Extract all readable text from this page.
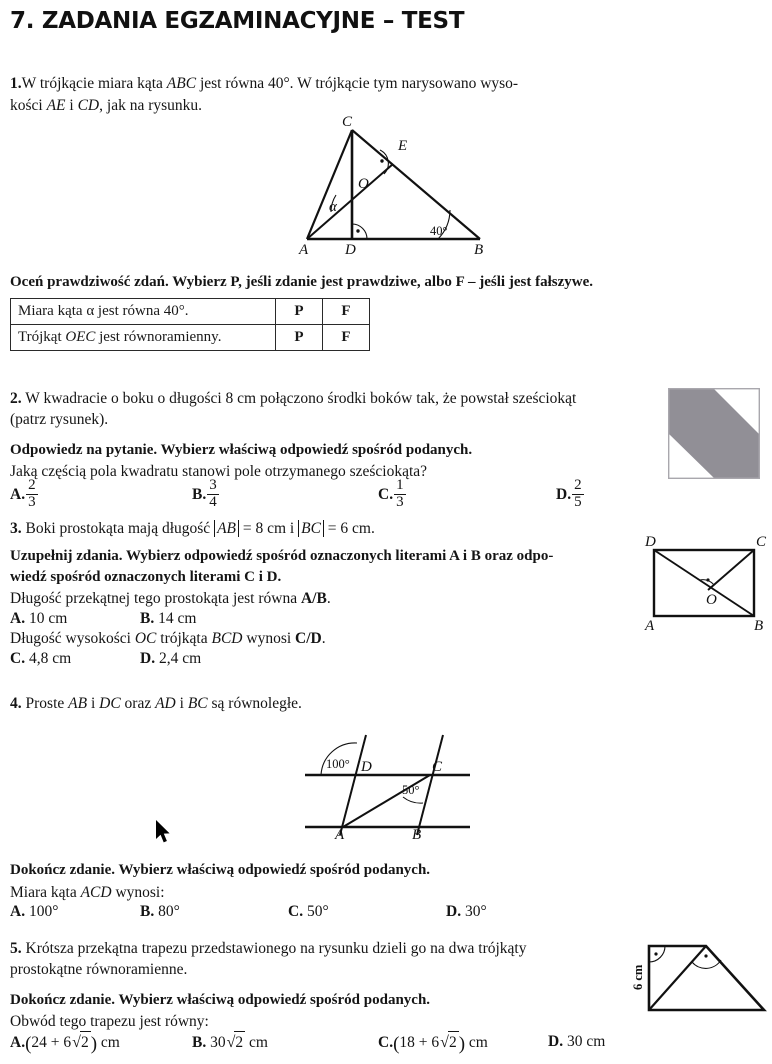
7. ZADANIA EGZAMINACYJNE – TEST
1.W trójkącie miara kąta ABC jest równa 40°. W trójkącie tym narysowano wyso-
kości AE i CD, jak na rysunku.
C
E
O
A D	B
α
40°
Oceń prawdziwość zdań. Wybierz P, jeśli zdanie jest prawdziwe, albo F – jeśli jest fałszywe.
Miara kąta α jest równa 40°.	P	F
Trójkąt OEC jest równoramienny.	P	F
2. W kwadracie o boku o długości 8 cm połączono środki boków tak, że powstał sześciokąt
(patrz rysunek).
Odpowiedz na pytanie. Wybierz właściwą odpowiedź spośród podanych.
Jaką częścią pola kwadratu stanowi pole otrzymanego sześciokąta?
A. $\frac{2}{3}$	B. $\frac{3}{4}$	C. $\frac{1}{3}$	D. $\frac{2}{5}$
3. Boki prostokąta mają długość AB = 8 cm i BC = 6 cm.
Uzupełnij zdania. Wybierz odpowiedź spośród oznaczonych literami A i B oraz odpo-
wiedź spośród oznaczonych literami C i D.
Długość przekątnej tego prostokąta jest równa A/B.
A. 10 cm	B. 14 cm
Długość wysokości OC trójkąta BCD wynosi C/D.
C. 4,8 cm	D. 2,4 cm
D	C
A	B
O
4. Proste AB i DC oraz AD i BC są równoległe.
100°
50°
D	C
A	B
Dokończ zdanie. Wybierz właściwą odpowiedź spośród podanych.
Miara kąta ACD wynosi:
A. 100°	B. 80°	C. 50°	D. 30°
5. Krótsza przekątna trapezu przedstawionego na rysunku dzieli go na dwa trójkąty
prostokątne równoramienne.
Dokończ zdanie. Wybierz właściwą odpowiedź spośród podanych.
Obwód tego trapezu jest równy:
A.(24 + 6√2 ) cm	B. 30√2 cm	C.(18 + 6√2 ) cm	D. 30 cm
6 cm
